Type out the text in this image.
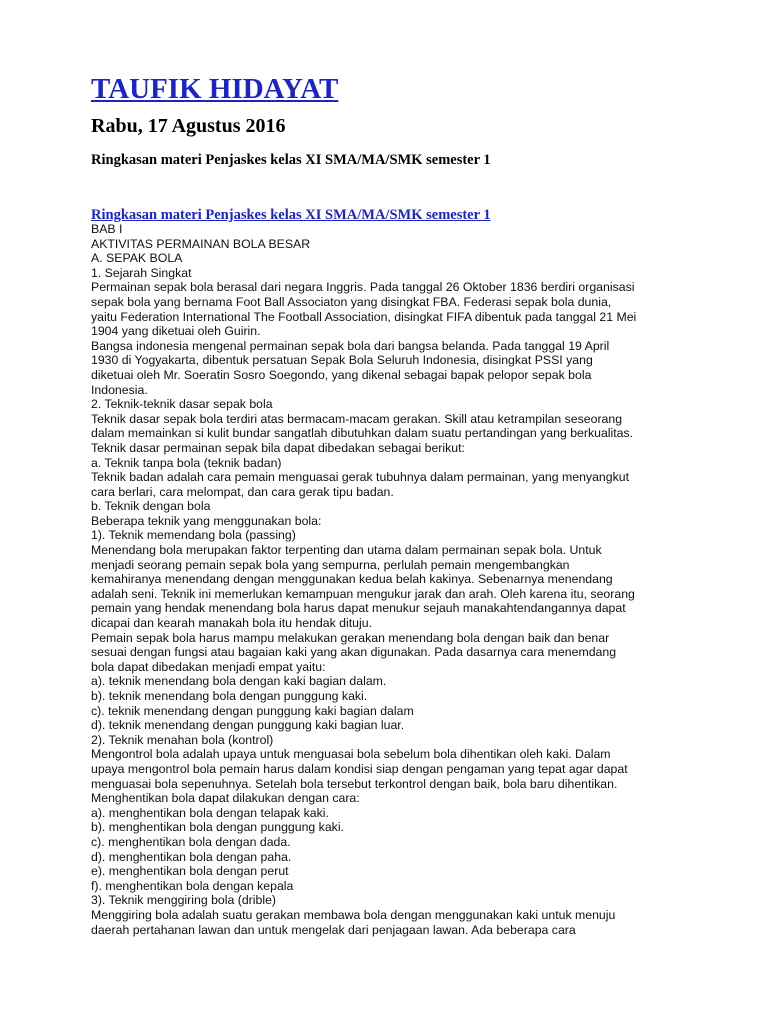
TAUFIK HIDAYAT
Rabu, 17 Agustus 2016
Ringkasan materi Penjaskes kelas XI SMA/MA/SMK semester 1
Ringkasan materi Penjaskes kelas XI SMA/MA/SMK semester 1
BAB I
AKTIVITAS PERMAINAN BOLA BESAR
A. SEPAK BOLA
1. Sejarah Singkat
Permainan sepak bola berasal dari negara Inggris. Pada tanggal 26 Oktober 1836 berdiri organisasi
sepak bola yang bernama Foot Ball Associaton yang disingkat FBA. Federasi sepak bola dunia,
yaitu Federation International The Football Association, disingkat FIFA dibentuk pada tanggal 21 Mei
1904 yang diketuai oleh Guirin.
Bangsa indonesia mengenal permainan sepak bola dari bangsa belanda. Pada tanggal 19 April
1930 di Yogyakarta, dibentuk persatuan Sepak Bola Seluruh Indonesia, disingkat PSSI yang
diketuai oleh Mr. Soeratin Sosro Soegondo, yang dikenal sebagai bapak pelopor sepak bola
Indonesia.
2. Teknik-teknik dasar sepak bola
Teknik dasar sepak bola terdiri atas bermacam-macam gerakan. Skill atau ketrampilan seseorang
dalam memainkan si kulit bundar sangatlah dibutuhkan dalam suatu pertandingan yang berkualitas.
Teknik dasar permainan sepak bila dapat dibedakan sebagai berikut:
a. Teknik tanpa bola (teknik badan)
Teknik badan adalah cara pemain menguasai gerak tubuhnya dalam permainan, yang menyangkut
cara berlari, cara melompat, dan cara gerak tipu badan.
b. Teknik dengan bola
Beberapa teknik yang menggunakan bola:
1). Teknik memendang bola (passing)
Menendang bola merupakan faktor terpenting dan utama dalam permainan sepak bola. Untuk
menjadi seorang pemain sepak bola yang sempurna, perlulah pemain mengembangkan
kemahiranya menendang dengan menggunakan kedua belah kakinya. Sebenarnya menendang
adalah seni. Teknik ini memerlukan kemampuan mengukur jarak dan arah. Oleh karena itu, seorang
pemain yang hendak menendang bola harus dapat menukur sejauh manakahtendangannya dapat
dicapai dan kearah manakah bola itu hendak dituju.
Pemain sepak bola harus mampu melakukan gerakan menendang bola dengan baik dan benar
sesuai dengan fungsi atau bagaian kaki yang akan digunakan. Pada dasarnya cara menemdang
bola dapat dibedakan menjadi empat yaitu:
a). teknik menendang bola dengan kaki bagian dalam.
b). teknik menendang bola dengan punggung kaki.
c). teknik menendang dengan punggung kaki bagian dalam
d). teknik menendang dengan punggung kaki bagian luar.
2). Teknik menahan bola (kontrol)
Mengontrol bola adalah upaya untuk menguasai bola sebelum bola dihentikan oleh kaki. Dalam
upaya mengontrol bola pemain harus dalam kondisi siap dengan pengaman yang tepat agar dapat
menguasai bola sepenuhnya. Setelah bola tersebut terkontrol dengan baik, bola baru dihentikan.
Menghentikan bola dapat dilakukan dengan cara:
a). menghentikan bola dengan telapak kaki.
b). menghentikan bola dengan punggung kaki.
c). menghentikan bola dengan dada.
d). menghentikan bola dengan paha.
e). menghentikan bola dengan perut
f). menghentikan bola dengan kepala
3). Teknik menggiring bola (drible)
Menggiring bola adalah suatu gerakan membawa bola dengan menggunakan kaki untuk menuju
daerah pertahanan lawan dan untuk mengelak dari penjagaan lawan. Ada beberapa cara
